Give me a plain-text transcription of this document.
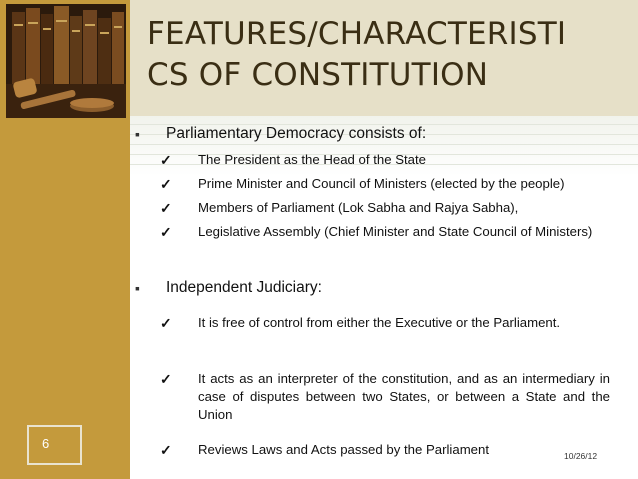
FEATURES/CHARACTERISTI
CS OF CONSTITUTION
▪ Parliamentary Democracy consists of:
✓ The President as the Head of the State
✓ Prime Minister and Council of Ministers (elected by the people)
✓ Members of Parliament (Lok Sabha and Rajya Sabha),
✓ Legislative Assembly (Chief Minister and State Council of Ministers)
▪ Independent Judiciary:
✓ It is free of control from either the Executive or the Parliament.
✓ It acts as an interpreter of the constitution, and as an intermediary in case of disputes between two States, or between a State and the Union
✓ Reviews Laws and Acts passed by the Parliament
6
10/26/12
